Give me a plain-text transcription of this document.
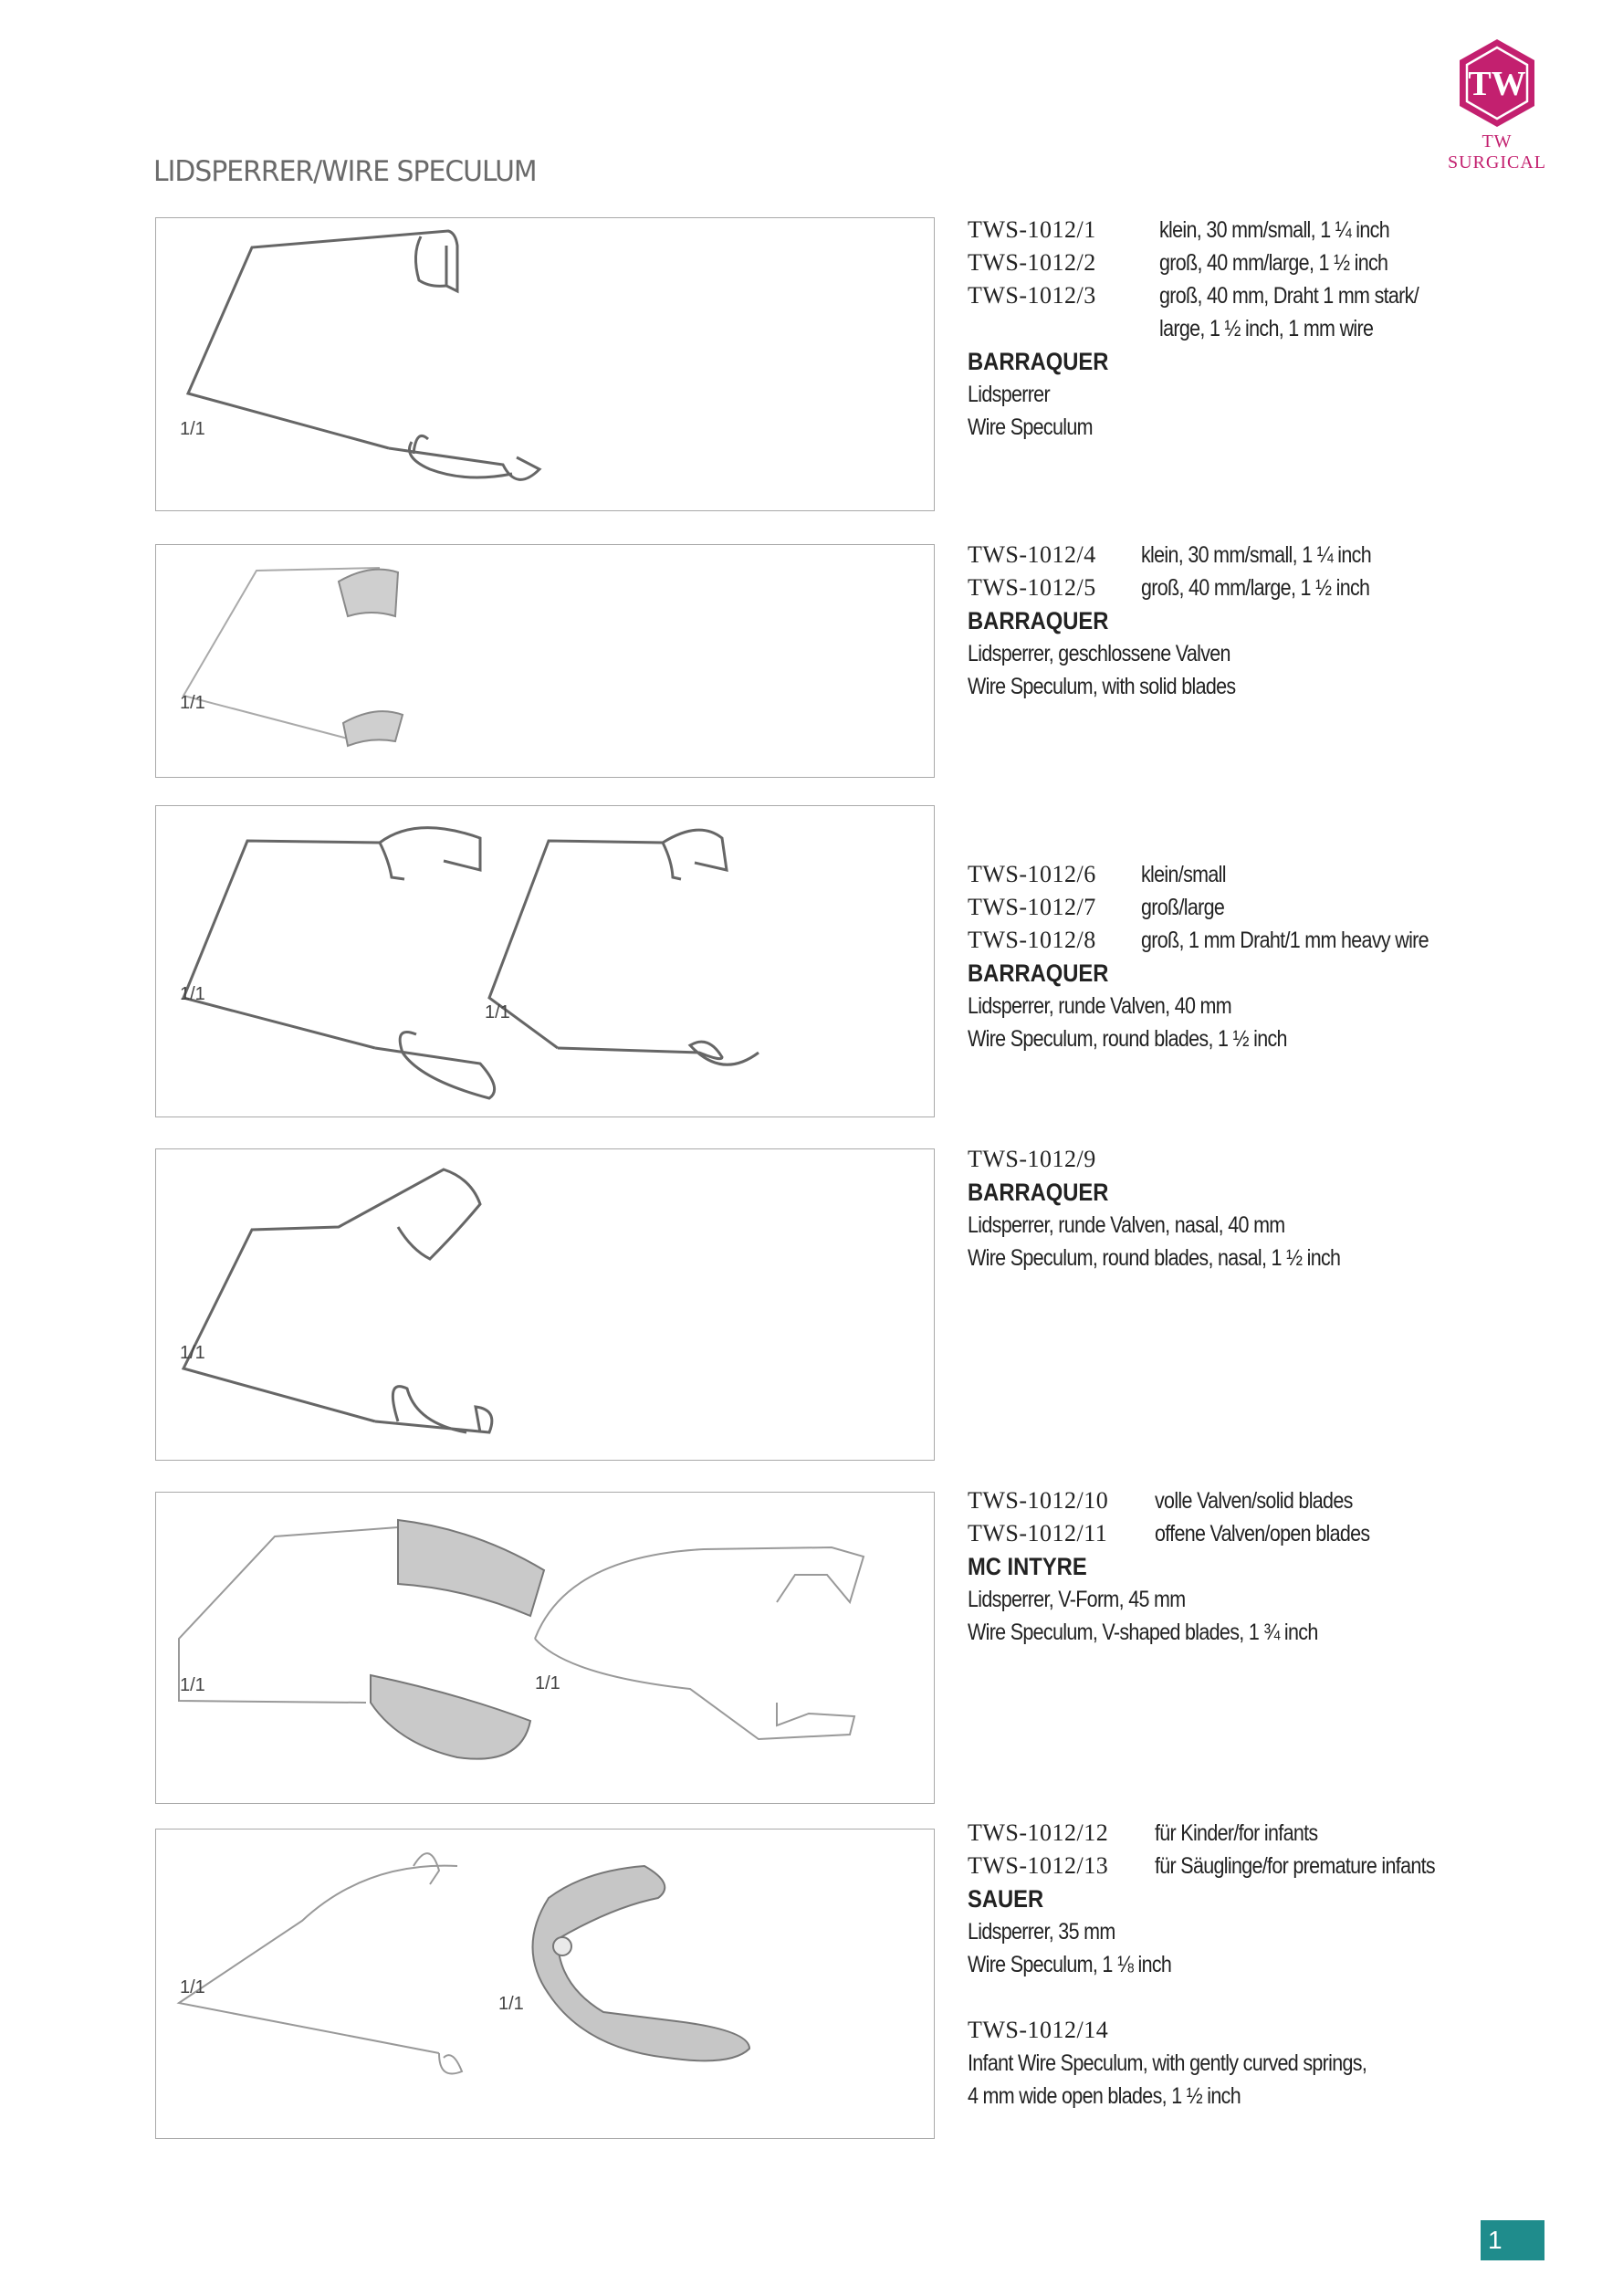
TW
TW SURGICAL
LIDSPERRER/WIRE SPECULUM
1/1
1/1
1/1
1/1
1/1
1/1	1/1
1/1
1/1
TWS-1012/1	klein, 30 mm/small, 1 ¼ inch
TWS-1012/2	groß, 40 mm/large, 1 ½ inch
TWS-1012/3	groß, 40 mm, Draht 1 mm stark/
large, 1 ½ inch, 1 mm wire
BARRAQUER
Lidsperrer
Wire Speculum
TWS-1012/4	klein, 30 mm/small, 1 ¼ inch
TWS-1012/5	groß, 40 mm/large, 1 ½ inch
BARRAQUER
Lidsperrer, geschlossene Valven
Wire Speculum, with solid blades
TWS-1012/6	klein/small
TWS-1012/7	groß/large
TWS-1012/8	groß, 1 mm Draht/1 mm heavy wire
BARRAQUER
Lidsperrer, runde Valven, 40 mm
Wire Speculum, round blades, 1 ½ inch
TWS-1012/9
BARRAQUER
Lidsperrer, runde Valven, nasal, 40 mm
Wire Speculum, round blades, nasal, 1 ½ inch
TWS-1012/10	volle Valven/solid blades
TWS-1012/11	offene Valven/open blades
MC INTYRE
Lidsperrer, V-Form, 45 mm
Wire Speculum, V-shaped blades, 1 ¾ inch
TWS-1012/12	für Kinder/for infants
TWS-1012/13	für Säuglinge/for premature infants
SAUER
Lidsperrer, 35 mm
Wire Speculum, 1 ⅛ inch
TWS-1012/14
Infant Wire Speculum, with gently curved springs,
4 mm wide open blades, 1 ½ inch
1
